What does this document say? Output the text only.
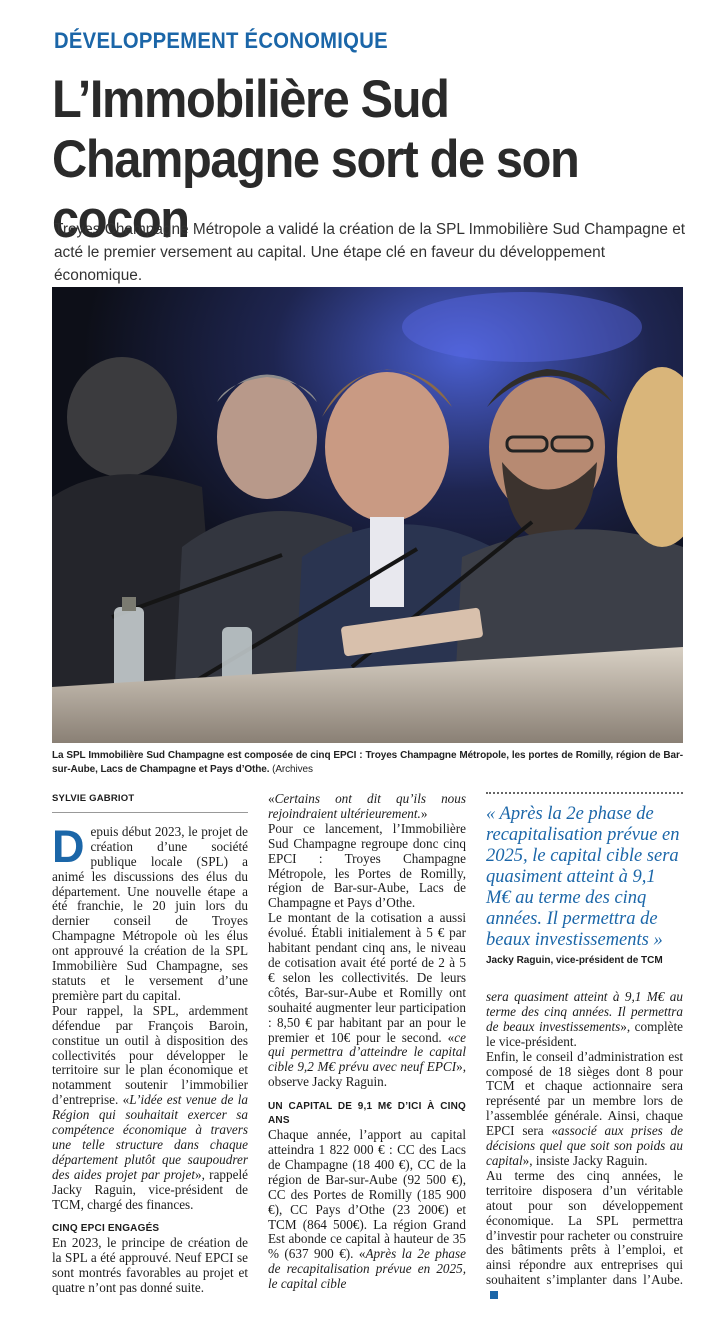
DÉVELOPPEMENT ÉCONOMIQUE
L’Immobilière Sud Champagne sort de son cocon

Troyes Champagne Métropole a validé la création de la SPL Immobilière Sud Champagne et acté le premier versement au capital. Une étape clé en faveur du développement économique.

La SPL Immobilière Sud Champagne est composée de cinq EPCI : Troyes Champagne Métropole, les portes de Romilly, région de Bar-sur-Aube, Lacs de Champagne et Pays d’Othe. (Archives

SYLVIE GABRIOT

Depuis début 2023, le projet de création d’une société publique locale (SPL) a animé les discussions des élus du département. Une nouvelle étape a été franchie, le 20 juin lors du dernier conseil de Troyes Champagne Métropole où les élus ont approuvé la création de la SPL Immobilière Sud Champagne, ses statuts et le versement d’une première part du capital.

Pour rappel, la SPL, ardemment défendue par François Baroin, constitue un outil à disposition des collectivités pour développer le territoire sur le plan économique et notamment soutenir l’immobilier d’entreprise. «L’idée est venue de la Région qui souhaitait exercer sa compétence économique à travers une telle structure dans chaque département plutôt que saupoudrer des aides projet par projet», rappelé Jacky Raguin, vice-président de TCM, chargé des finances.

CINQ EPCI ENGAGÉS

En 2023, le principe de création de la SPL a été approuvé. Neuf EPCI se sont montrés favorables au projet et quatre n’ont pas donné suite.

«Certains ont dit qu’ils nous rejoindraient ultérieurement.»

Pour ce lancement, l’Immobilière Sud Champagne regroupe donc cinq EPCI : Troyes Champagne Métropole, les Portes de Romilly, région de Bar-sur-Aube, Lacs de Champagne et Pays d’Othe.

Le montant de la cotisation a aussi évolué. Établi initialement à 5 € par habitant pendant cinq ans, le niveau de cotisation avait été porté de 2 à 5 € selon les collectivités. De leurs côtés, Bar-sur-Aube et Romilly ont souhaité augmenter leur participation : 8,50 € par habitant par an pour le premier et 10€ pour le second. «ce qui permettra d’atteindre le capital cible 9,2 M€ prévu avec neuf EPCI», observe Jacky Raguin.

UN CAPITAL DE 9,1 M€ D’ICI À CINQ ANS

Chaque année, l’apport au capital atteindra 1 822 000 € : CC des Lacs de Champagne (18 400 €), CC de la région de Bar-sur-Aube (92 500 €), CC des Portes de Romilly (185 900 €), CC Pays d’Othe (23 200€) et TCM (864 500€). La région Grand Est abonde ce capital à hauteur de 35 % (637 900 €). «Après la 2e phase de recapitalisation prévue en 2025, le capital cible

« Après la 2e phase de recapitalisation prévue en 2025, le capital cible sera quasiment atteint à 9,1 M€ au terme des cinq années. Il permettra de beaux investissements »
Jacky Raguin, vice-président de TCM

sera quasiment atteint à 9,1 M€ au terme des cinq années. Il permettra de beaux investissements», complète le vice-président.

Enfin, le conseil d’administration est composé de 18 sièges dont 8 pour TCM et chaque actionnaire sera représenté par un membre lors de l’assemblée générale. Ainsi, chaque EPCI sera «associé aux prises de décisions quel que soit son poids au capital», insiste Jacky Raguin.

Au terme des cinq années, le territoire disposera d’un véritable atout pour son développement économique. La SPL permettra d’investir pour racheter ou construire des bâtiments prêts à l’emploi, et ainsi répondre aux entreprises qui souhaitent s’implanter dans l’Aube.
